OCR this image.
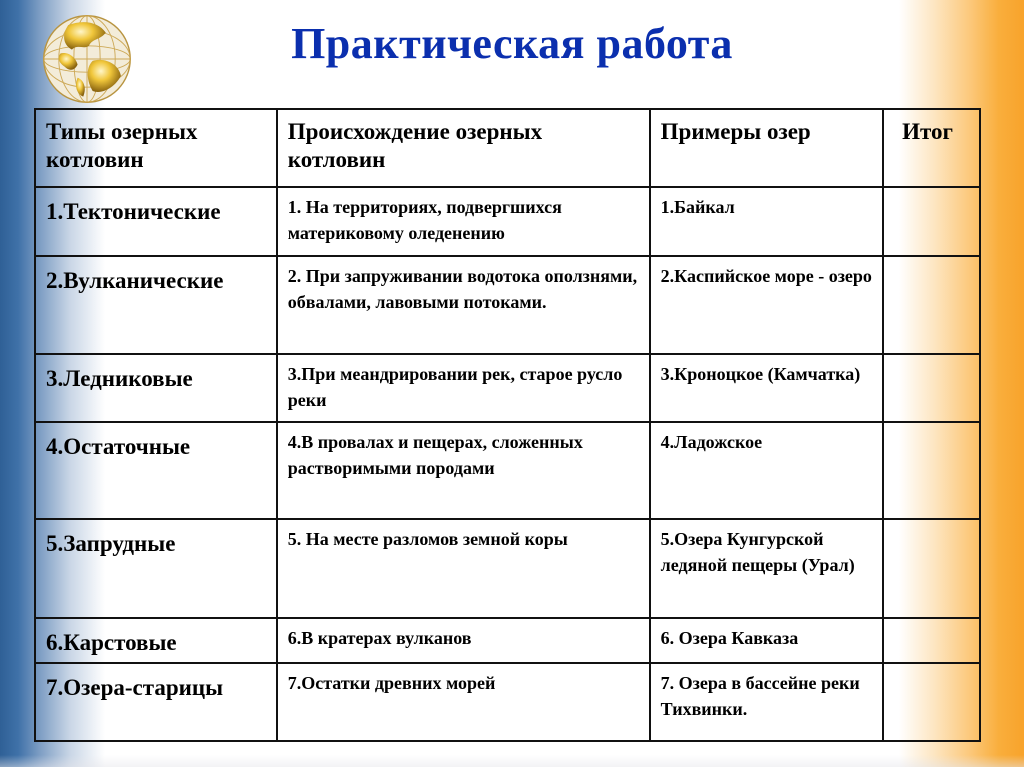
Практическая работа
Типы озерных котловин	Происхождение озерных котловин	Примеры озер	Итог
1.Тектонические	1. На территориях, подвергшихся материковому оледенению	1.Байкал	
2.Вулканические	2. При запруживании водотока оползнями, обвалами, лавовыми потоками.	2.Каспийское море - озеро	
3.Ледниковые	3.При меандрировании рек, старое русло реки	3.Кроноцкое (Камчатка)	
4.Остаточные	4.В провалах и пещерах, сложенных растворимыми породами	4.Ладожское	
5.Запрудные	5. На месте разломов земной коры	5.Озера Кунгурской ледяной пещеры (Урал)	
6.Карстовые	6.В кратерах вулканов	6. Озера Кавказа	
7.Озера-старицы	7.Остатки древних морей	7. Озера в бассейне реки Тихвинки.	
